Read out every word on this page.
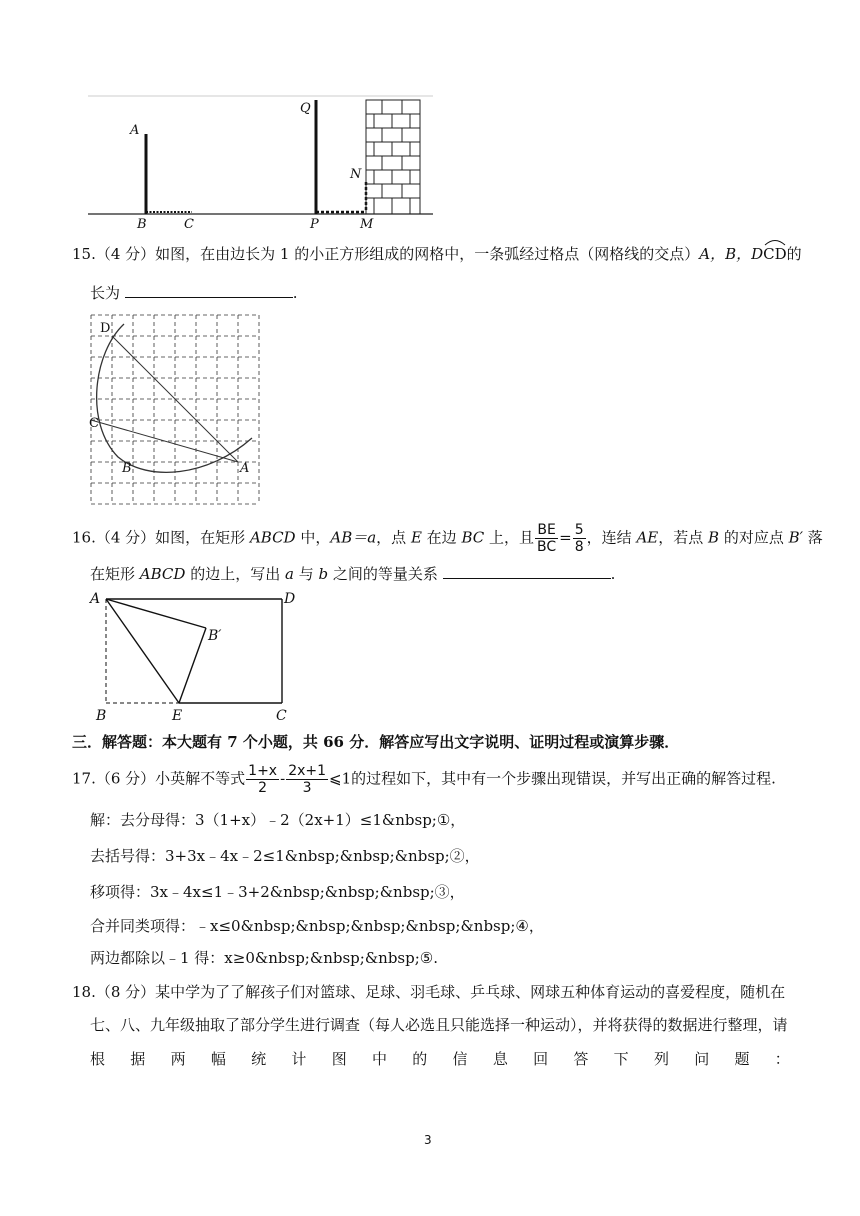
A
B	C
Q
P	M
N
15.（4 分）如图，在由边长为 1 的小正方形组成的网格中，一条弧经过格点（网格线的交点）A，B，D
CD的
长为	.
D
C
B	A
16.（4 分）如图，在矩形 ABCD 中，AB＝a，点 E 在边 BC 上，且 $\frac{BE}{BC} = \frac{5}{8}$ ，连结 AE，若点 B 的对应点 B′ 落
在矩形 ABCD 的边上，写出 a 与 b 之间的等量关系	.
A	D
B′
B	E	C
三．解答题：本大题有 7 个小题，共 66 分．解答应写出文字说明、证明过程或演算步骤．
17.（6 分）小英解不等式 $\frac{1+x}{2} - \frac{2x+1}{3}$ ⩽1的过程如下，其中有一个步骤出现错误，并写出正确的解答过程.
解：去分母得：3（1+x）﹣2（2x+1）≤1&nbsp;①，
去括号得：3+3x﹣4x﹣2≤1&nbsp;&nbsp;&nbsp;②，
移项得：3x﹣4x≤1﹣3+2&nbsp;&nbsp;&nbsp;③，
合并同类项得：﹣x≤0&nbsp;&nbsp;&nbsp;&nbsp;&nbsp;④，
两边都除以﹣1 得：x≥0&nbsp;&nbsp;&nbsp;⑤.
18.（8 分）某中学为了了解孩子们对篮球、足球、羽毛球、乒乓球、网球五种体育运动的喜爱程度，随机在
七、八、九年级抽取了部分学生进行调查（每人必选且只能选择一种运动），并将获得的数据进行整理，请
根 据 两 幅 统 计 图 中 的 信 息 回 答 下 列 问 题 ：
3
